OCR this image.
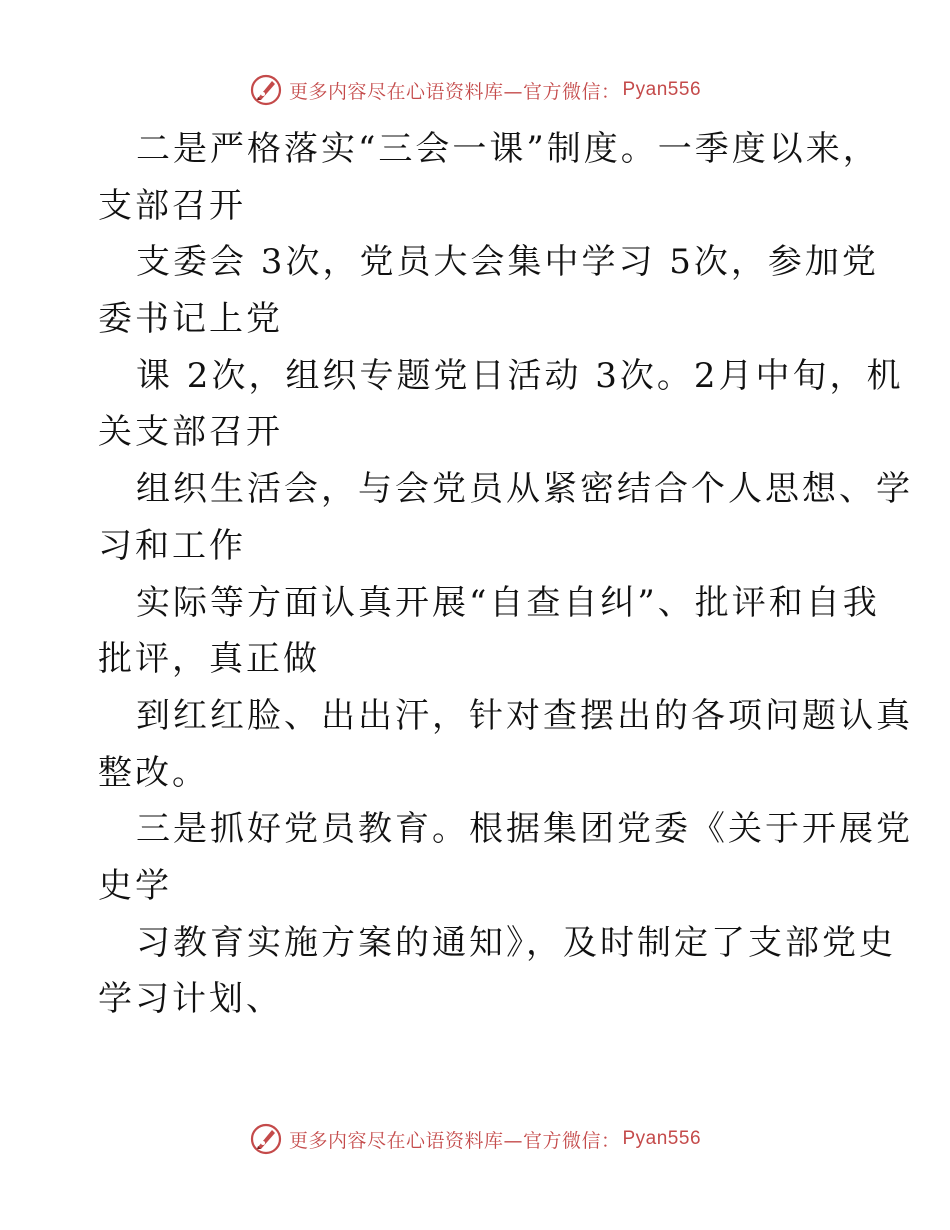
更多内容尽在心语资料库—官方微信： Pyan556
二是严格落实“三会一课”制度。一季度以来，
支部召开
支委会 3次，党员大会集中学习 5次，参加党
委书记上党
课 2次，组织专题党日活动 3次。2月中旬，机
关支部召开
组织生活会，与会党员从紧密结合个人思想、学
习和工作
实际等方面认真开展“自查自纠”、批评和自我
批评，真正做
到红红脸、出出汗，针对查摆出的各项问题认真
整改。
三是抓好党员教育。根据集团党委《关于开展党
史学
习教育实施方案的通知》，及时制定了支部党史
学习计划、
更多内容尽在心语资料库—官方微信： Pyan556
